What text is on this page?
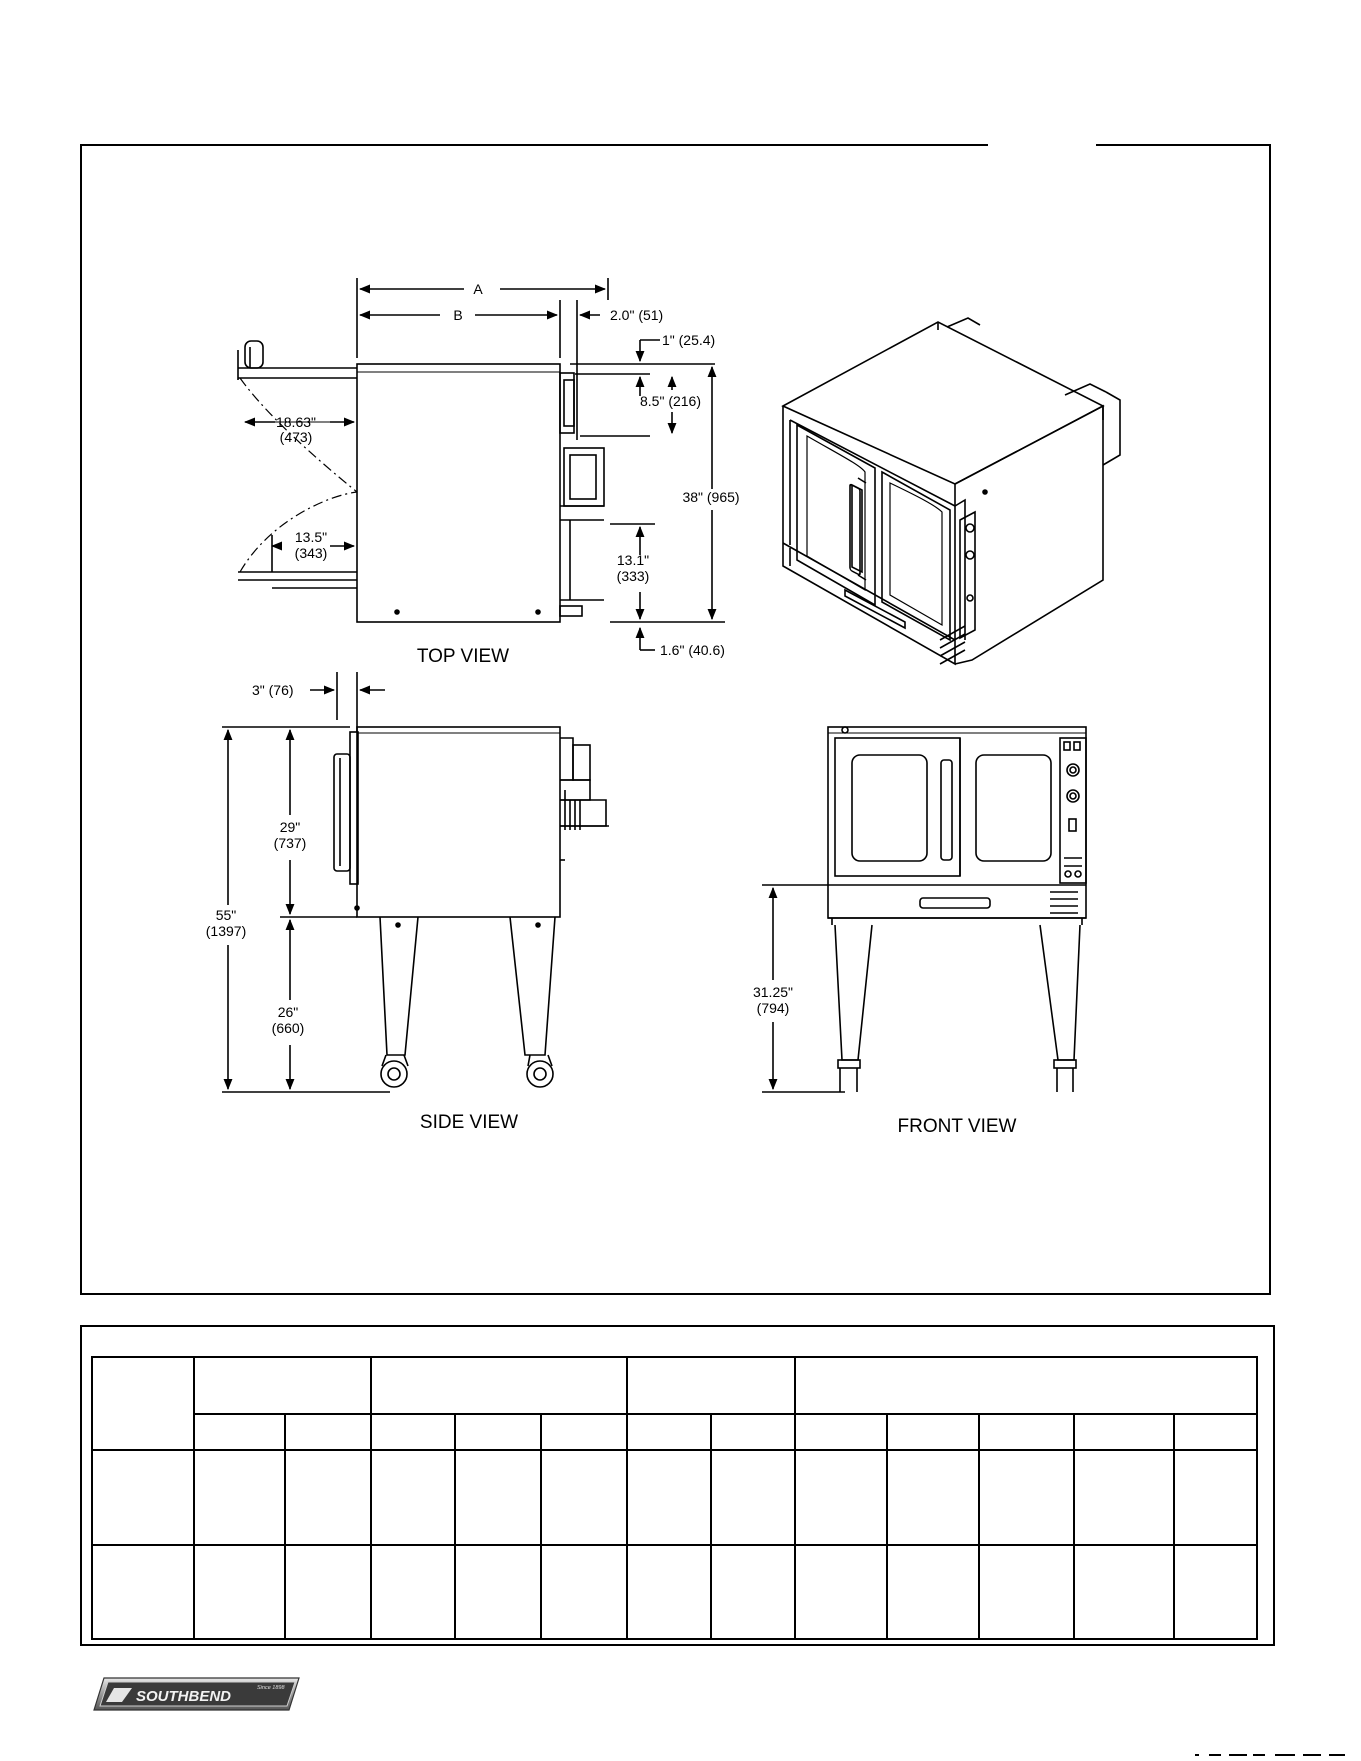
A
B	2.0" (51)
1" (25.4)
8.5" (216)
18.63"
(473)
38" (965)
13.5"
(343)	13.1"
(333)
1.6" (40.6)
TOP VIEW
3" (76)
29"
(737)
55"
(1397)
26"
(660)
SIDE VIEW
31.25"
(794)
FRONT VIEW

SOUTHBEND	Since 1898
